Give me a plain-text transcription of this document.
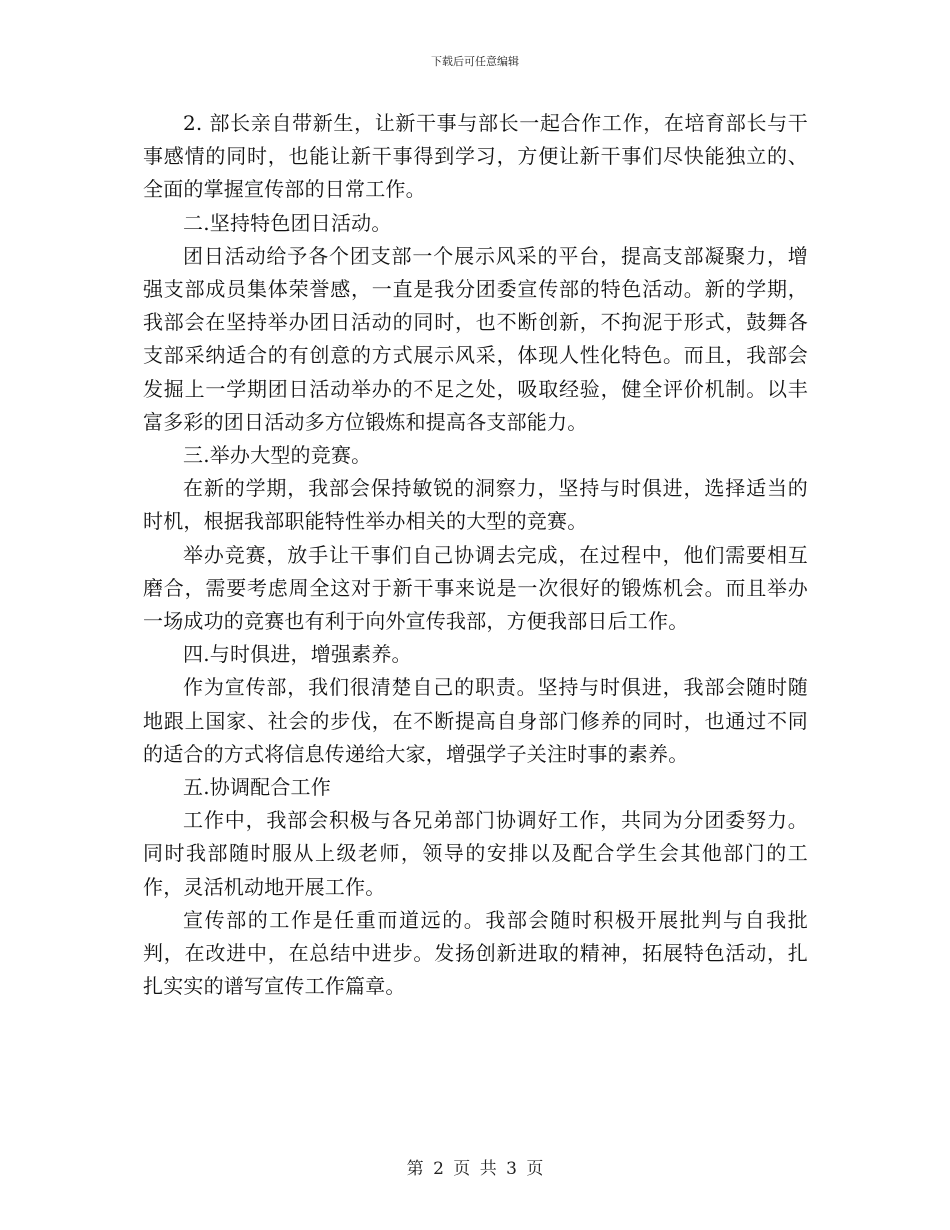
下载后可任意编辑

2. 部长亲自带新生，让新干事与部长一起合作工作，在培育部长与干事感情的同时，也能让新干事得到学习，方便让新干事们尽快能独立的、全面的掌握宣传部的日常工作。

二.坚持特色团日活动。

团日活动给予各个团支部一个展示风采的平台，提高支部凝聚力，增强支部成员集体荣誉感，一直是我分团委宣传部的特色活动。新的学期，我部会在坚持举办团日活动的同时，也不断创新，不拘泥于形式，鼓舞各支部采纳适合的有创意的方式展示风采，体现人性化特色。而且，我部会发掘上一学期团日活动举办的不足之处，吸取经验，健全评价机制。以丰富多彩的团日活动多方位锻炼和提高各支部能力。

三.举办大型的竞赛。

在新的学期，我部会保持敏锐的洞察力，坚持与时俱进，选择适当的时机，根据我部职能特性举办相关的大型的竞赛。

举办竞赛，放手让干事们自己协调去完成，在过程中，他们需要相互磨合，需要考虑周全这对于新干事来说是一次很好的锻炼机会。而且举办一场成功的竞赛也有利于向外宣传我部，方便我部日后工作。

四.与时俱进，增强素养。

作为宣传部，我们很清楚自己的职责。坚持与时俱进，我部会随时随地跟上国家、社会的步伐，在不断提高自身部门修养的同时，也通过不同的适合的方式将信息传递给大家，增强学子关注时事的素养。

五.协调配合工作

工作中，我部会积极与各兄弟部门协调好工作，共同为分团委努力。同时我部随时服从上级老师，领导的安排以及配合学生会其他部门的工作，灵活机动地开展工作。

宣传部的工作是任重而道远的。我部会随时积极开展批判与自我批判，在改进中，在总结中进步。发扬创新进取的精神，拓展特色活动，扎扎实实的谱写宣传工作篇章。

第 2 页 共 3 页
